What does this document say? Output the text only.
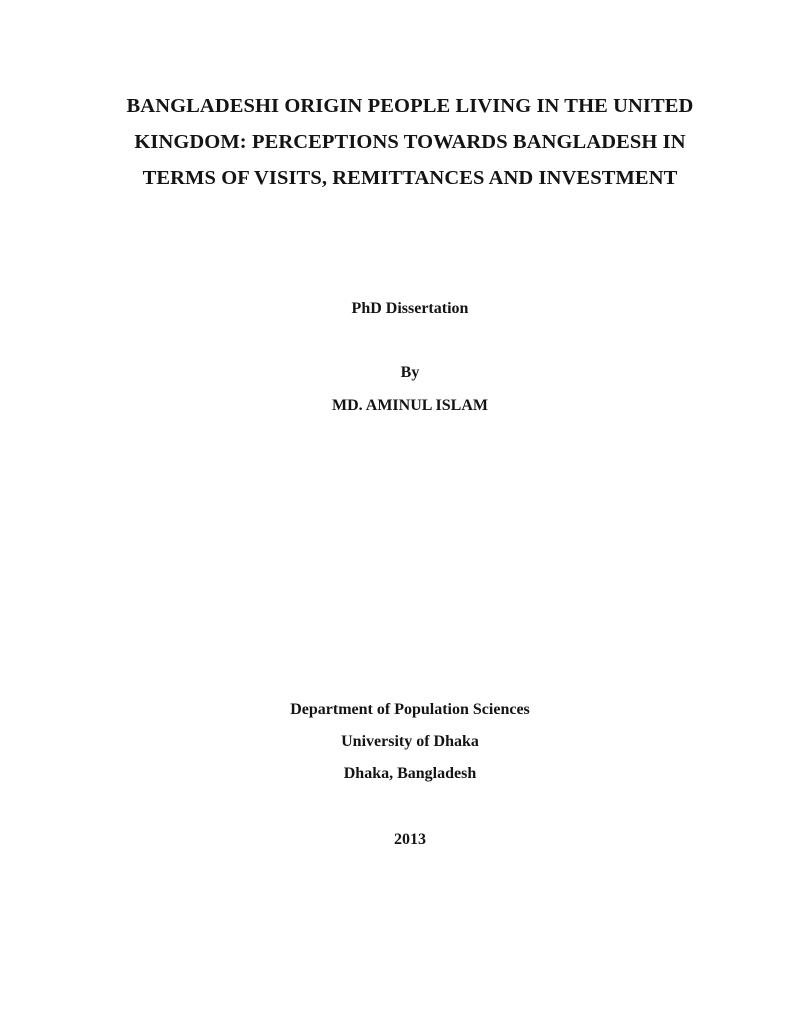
BANGLADESHI ORIGIN PEOPLE LIVING IN THE UNITED
KINGDOM: PERCEPTIONS TOWARDS BANGLADESH IN
TERMS OF VISITS, REMITTANCES AND INVESTMENT
PhD Dissertation
By
MD. AMINUL ISLAM
Department of Population Sciences
University of Dhaka
Dhaka, Bangladesh
2013
